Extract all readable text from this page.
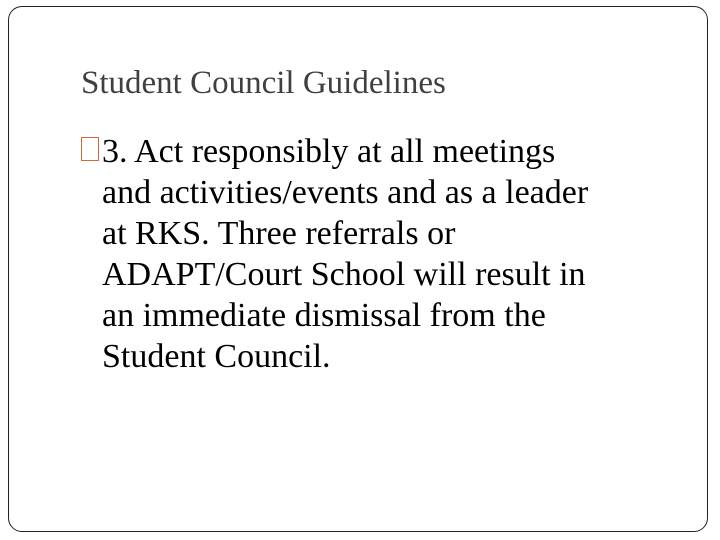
Student Council Guidelines

3. Act responsibly at all meetings
and activities/events and as a leader
at RKS. Three referrals or
ADAPT/Court School will result in
an immediate dismissal from the
Student Council.
